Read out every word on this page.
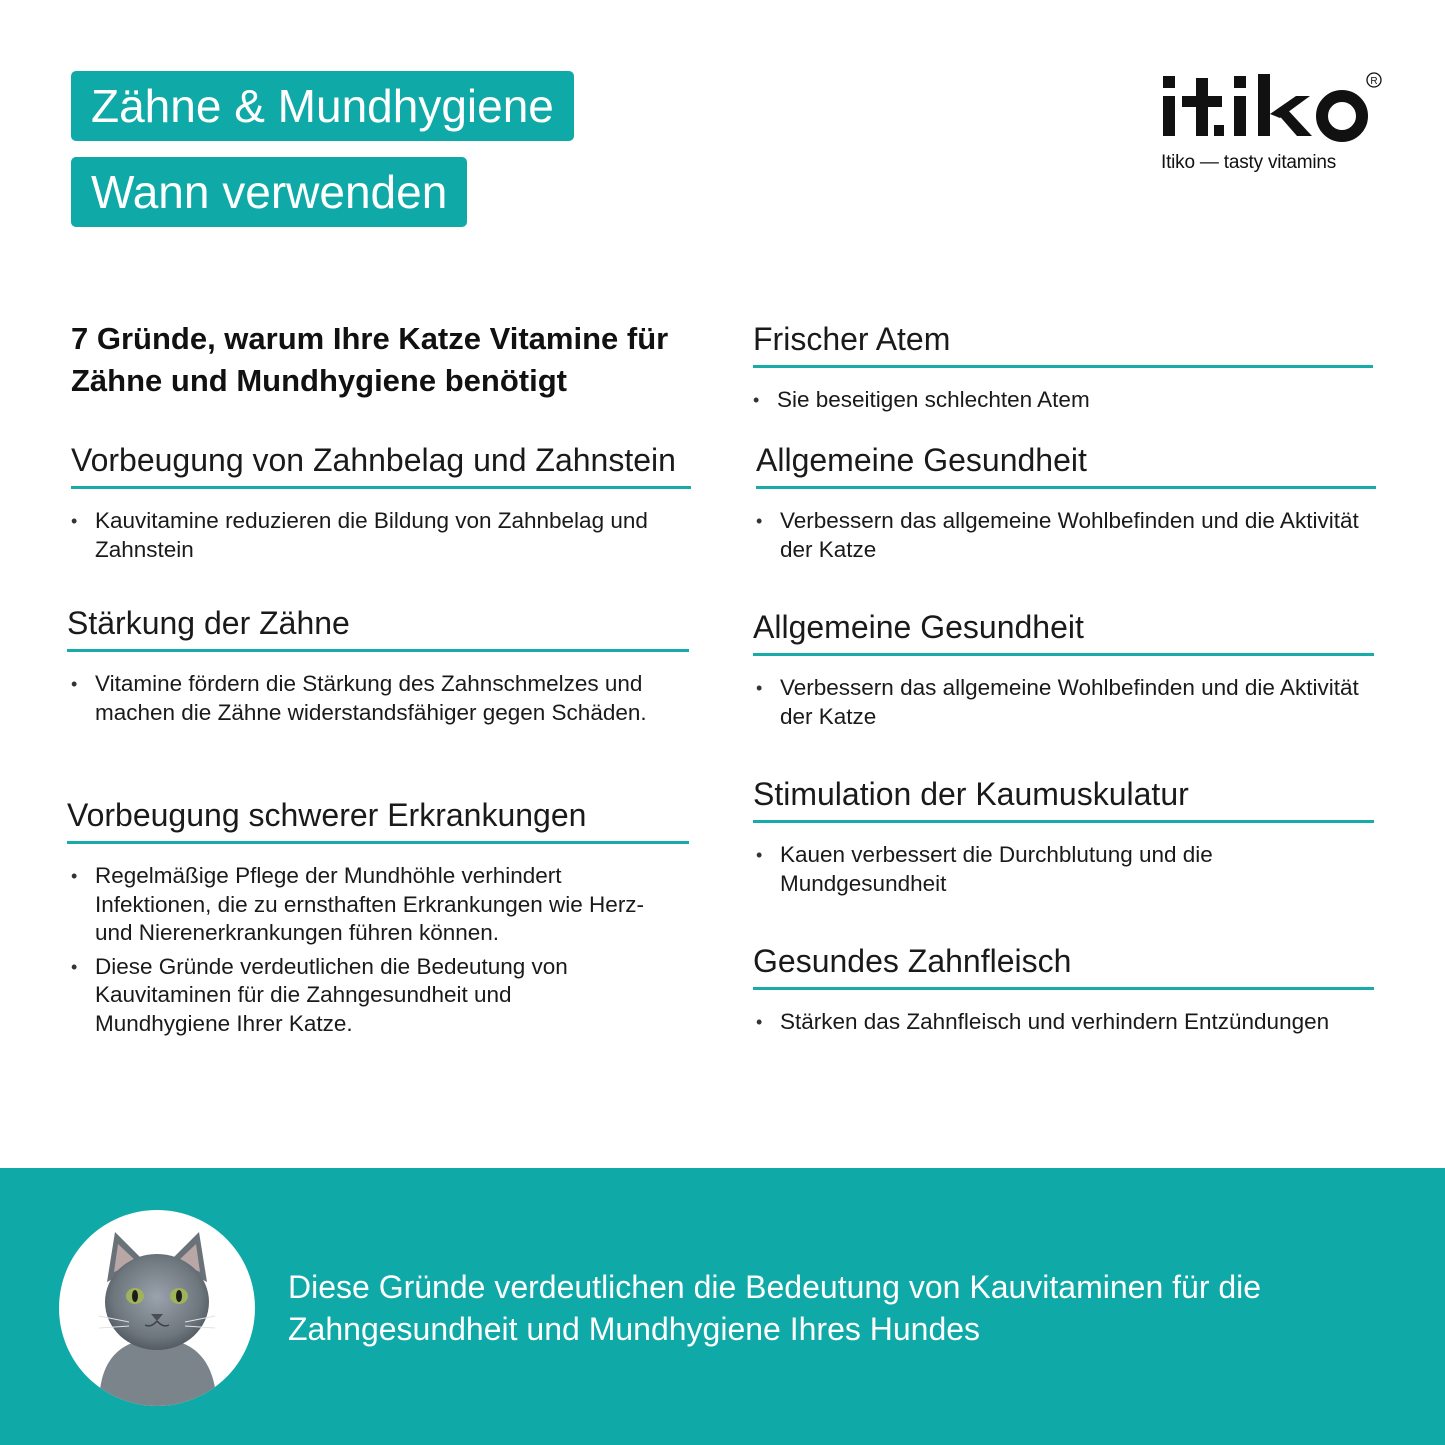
Zähne & Mundhygiene
Wann verwenden
R
Itiko — tasty vitamins
7 Gründe, warum Ihre Katze Vitamine für Zähne und Mundhygiene benötigt
Vorbeugung von Zahnbelag und Zahnstein
• Kauvitamine reduzieren die Bildung von Zahnbelag und Zahnstein
Stärkung der Zähne
• Vitamine fördern die Stärkung des Zahnschmelzes und machen die Zähne widerstandsfähiger gegen Schäden.
Vorbeugung schwerer Erkrankungen
• Regelmäßige Pflege der Mundhöhle verhindert Infektionen, die zu ernsthaften Erkrankungen wie Herz- und Nierenerkrankungen führen können.
• Diese Gründe verdeutlichen die Bedeutung von Kauvitaminen für die Zahngesundheit und Mundhygiene Ihrer Katze.
Frischer Atem
• Sie beseitigen schlechten Atem
Allgemeine Gesundheit
• Verbessern das allgemeine Wohlbefinden und die Aktivität der Katze
Allgemeine Gesundheit
• Verbessern das allgemeine Wohlbefinden und die Aktivität der Katze
Stimulation der Kaumuskulatur
• Kauen verbessert die Durchblutung und die Mundgesundheit
Gesundes Zahnfleisch
• Stärken das Zahnfleisch und verhindern Entzündungen
Diese Gründe verdeutlichen die Bedeutung von Kauvitaminen für die Zahngesundheit und Mundhygiene Ihres Hundes
